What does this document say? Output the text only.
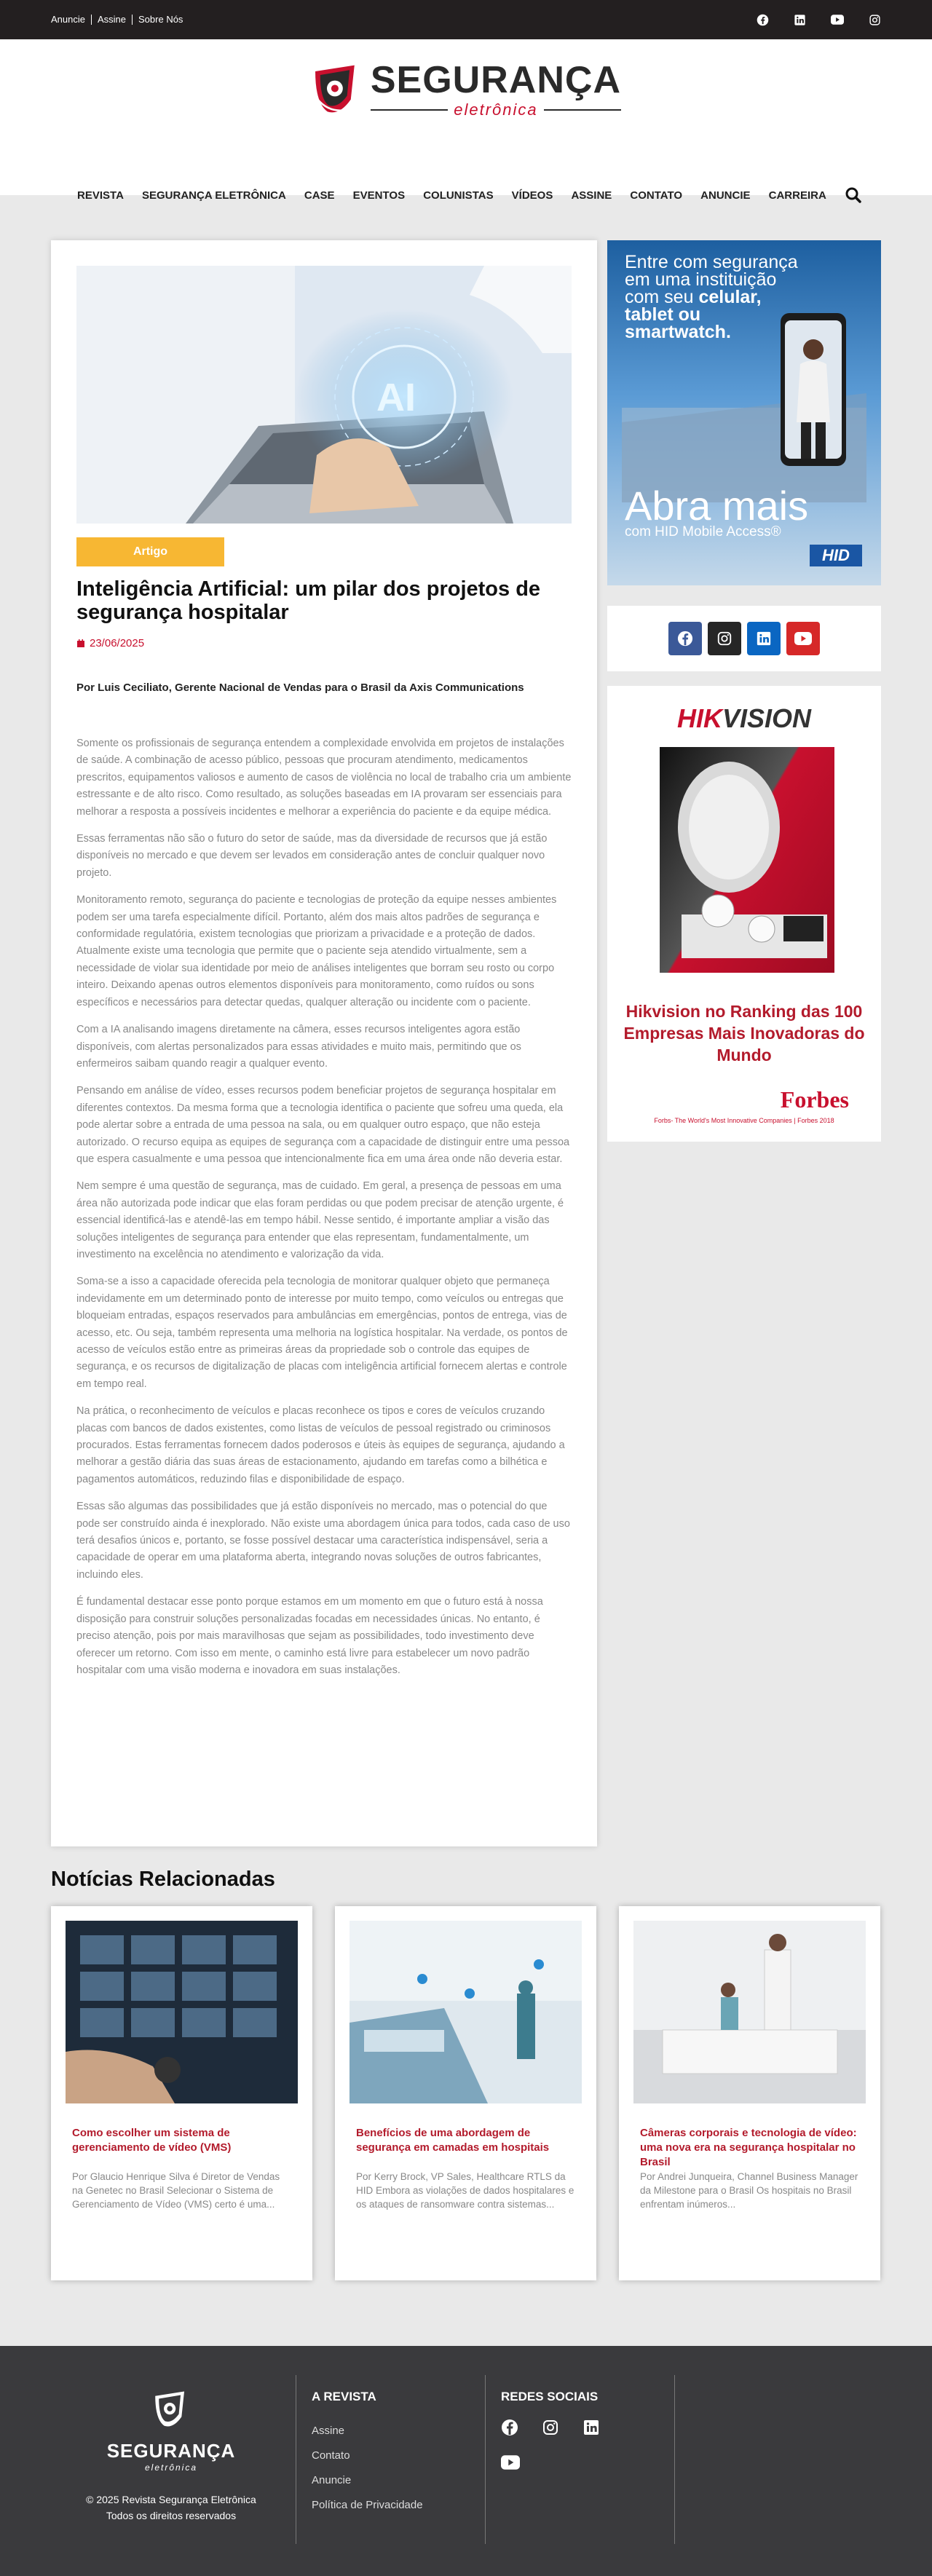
Anuncie	Assine	Sobre Nós
SEGURANÇA
eletrônica
REVISTA SEGURANÇA ELETRÔNICA CASE EVENTOS COLUNISTAS VÍDEOS ASSINE CONTATO ANUNCIE CARREIRA
AI
Artigo
Inteligência Artificial: um pilar dos projetos de segurança hospitalar
23/06/2025
Por Luis Ceciliato, Gerente Nacional de Vendas para o Brasil da Axis Communications

Somente os profissionais de segurança entendem a complexidade envolvida em projetos de instalações de saúde. A combinação de acesso público, pessoas que procuram atendimento, medicamentos prescritos, equipamentos valiosos e aumento de casos de violência no local de trabalho cria um ambiente estressante e de alto risco. Como resultado, as soluções baseadas em IA provaram ser essenciais para melhorar a resposta a possíveis incidentes e melhorar a experiência do paciente e da equipe médica.

Essas ferramentas não são o futuro do setor de saúde, mas da diversidade de recursos que já estão disponíveis no mercado e que devem ser levados em consideração antes de concluir qualquer novo projeto.

Monitoramento remoto, segurança do paciente e tecnologias de proteção da equipe nesses ambientes podem ser uma tarefa especialmente difícil. Portanto, além dos mais altos padrões de segurança e conformidade regulatória, existem tecnologias que priorizam a privacidade e a proteção de dados. Atualmente existe uma tecnologia que permite que o paciente seja atendido virtualmente, sem a necessidade de violar sua identidade por meio de análises inteligentes que borram seu rosto ou corpo inteiro. Deixando apenas outros elementos disponíveis para monitoramento, como ruídos ou sons específicos e necessários para detectar quedas, qualquer alteração ou incidente com o paciente.

Com a IA analisando imagens diretamente na câmera, esses recursos inteligentes agora estão disponíveis, com alertas personalizados para essas atividades e muito mais, permitindo que os enfermeiros saibam quando reagir a qualquer evento.

Pensando em análise de vídeo, esses recursos podem beneficiar projetos de segurança hospitalar em diferentes contextos. Da mesma forma que a tecnologia identifica o paciente que sofreu uma queda, ela pode alertar sobre a entrada de uma pessoa na sala, ou em qualquer outro espaço, que não esteja autorizado. O recurso equipa as equipes de segurança com a capacidade de distinguir entre uma pessoa que espera casualmente e uma pessoa que intencionalmente fica em uma área onde não deveria estar.

Nem sempre é uma questão de segurança, mas de cuidado. Em geral, a presença de pessoas em uma área não autorizada pode indicar que elas foram perdidas ou que podem precisar de atenção urgente, é essencial identificá-las e atendê-las em tempo hábil. Nesse sentido, é importante ampliar a visão das soluções inteligentes de segurança para entender que elas representam, fundamentalmente, um investimento na excelência no atendimento e valorização da vida.

Soma-se a isso a capacidade oferecida pela tecnologia de monitorar qualquer objeto que permaneça indevidamente em um determinado ponto de interesse por muito tempo, como veículos ou entregas que bloqueiam entradas, espaços reservados para ambulâncias em emergências, pontos de entrega, vias de acesso, etc. Ou seja, também representa uma melhoria na logística hospitalar. Na verdade, os pontos de acesso de veículos estão entre as primeiras áreas da propriedade sob o controle das equipes de segurança, e os recursos de digitalização de placas com inteligência artificial fornecem alertas e controle em tempo real.

Na prática, o reconhecimento de veículos e placas reconhece os tipos e cores de veículos cruzando placas com bancos de dados existentes, como listas de veículos de pessoal registrado ou criminosos procurados. Estas ferramentas fornecem dados poderosos e úteis às equipes de segurança, ajudando a melhorar a gestão diária das suas áreas de estacionamento, ajudando em tarefas como a bilhética e pagamentos automáticos, reduzindo filas e disponibilidade de espaço.

Essas são algumas das possibilidades que já estão disponíveis no mercado, mas o potencial do que pode ser construído ainda é inexplorado. Não existe uma abordagem única para todos, cada caso de uso terá desafios únicos e, portanto, se fosse possível destacar uma característica indispensável, seria a capacidade de operar em uma plataforma aberta, integrando novas soluções de outros fabricantes, incluindo eles.

É fundamental destacar esse ponto porque estamos em um momento em que o futuro está à nossa disposição para construir soluções personalizadas focadas em necessidades únicas. No entanto, é preciso atenção, pois por mais maravilhosas que sejam as possibilidades, todo investimento deve oferecer um retorno. Com isso em mente, o caminho está livre para estabelecer um novo padrão hospitalar com uma visão moderna e inovadora em suas instalações.

Entre com segurança em uma instituição com seu celular, tablet ou smartwatch.
Abra mais
com HID Mobile Access®
HID
HIKVISION
Hikvision no Ranking das 100 Empresas Mais Inovadoras do Mundo
Forbes
Forbs- The World's Most Innovative Companies | Forbes 2018
Notícias Relacionadas
Como escolher um sistema de gerenciamento de vídeo (VMS)
Por Glaucio Henrique Silva é Diretor de Vendas na Genetec no Brasil Selecionar o Sistema de Gerenciamento de Vídeo (VMS) certo é uma...
Benefícios de uma abordagem de segurança em camadas em hospitais
Por Kerry Brock, VP Sales, Healthcare RTLS da HID Embora as violações de dados hospitalares e os ataques de ransomware contra sistemas...
Câmeras corporais e tecnologia de vídeo: uma nova era na segurança hospitalar no Brasil
Por Andrei Junqueira, Channel Business Manager da Milestone para o Brasil Os hospitais no Brasil enfrentam inúmeros...
SEGURANÇA
eletrônica
© 2025 Revista Segurança Eletrônica
Todos os direitos reservados
A REVISTA
Assine
Contato
Anuncie
Política de Privacidade
REDES SOCIAIS
